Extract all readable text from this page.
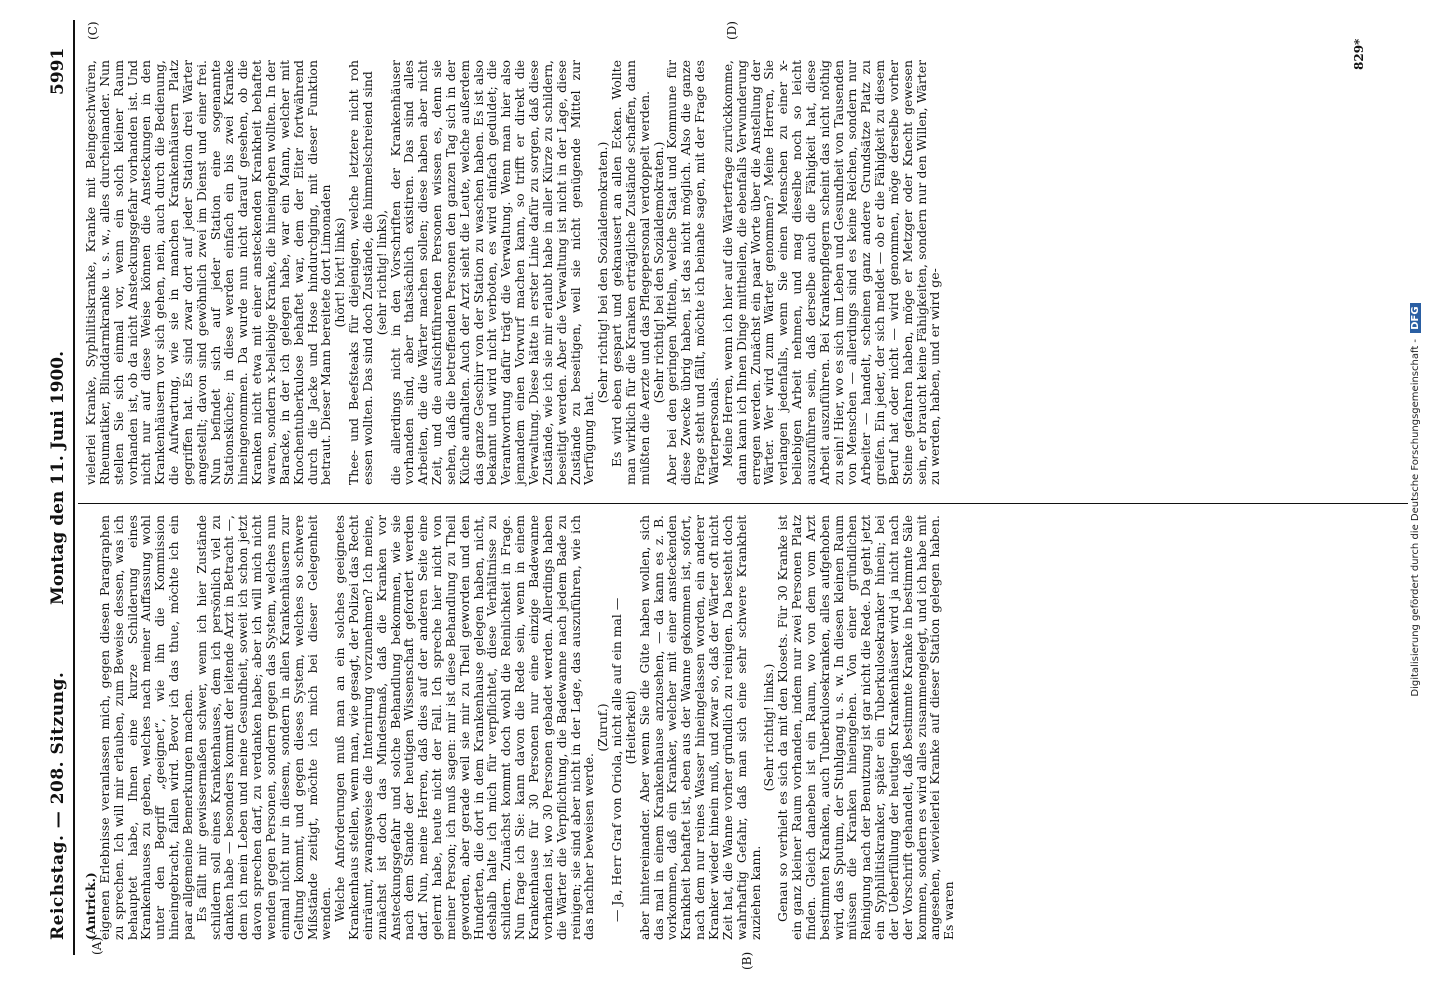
Reichstag. — 208. Sitzung.
Montag den 11. Juni 1900.
5991
(A)
(B)
(C)	(D)

(Antrick.)

eigenen Erlebnisse veranlassen mich, gegen diesen Paragraphen zu sprechen. Ich will mir erlauben, zum Beweise dessen, was ich behauptet habe, Ihnen eine kurze Schilderung eines Krankenhauses zu geben, welches nach meiner Auffassung wohl unter den Begriff „geeignet“, wie ihn die Kommission hineingebracht, fallen wird. Bevor ich das thue, möchte ich ein paar allgemeine Bemerkungen machen.

Es fällt mir gewissermaßen schwer, wenn ich hier Zustände schildern soll eines Krankenhauses, dem ich persönlich viel zu danken habe — besonders kommt der leitende Arzt in Betracht —, dem ich mein Leben und meine Gesundheit, soweit ich schon jetzt davon sprechen darf, zu verdanken habe; aber ich will mich nicht wenden gegen Personen, sondern gegen das System, welches nun einmal nicht nur in diesem, sondern in allen Krankenhäusern zur Geltung kommt, und gegen dieses System, welches so schwere Mißstände zeitigt, möchte ich mich bei dieser Gelegenheit wenden.

Welche Anforderungen muß man an ein solches geeignetes Krankenhaus stellen, wenn man, wie gesagt, der Polizei das Recht einräumt, zwangsweise die Internirung vorzunehmen? Ich meine, zunächst ist doch das Mindestmaß, daß die Kranken vor Ansteckungsgefahr und solche Behandlung bekommen, wie sie nach dem Stande der heutigen Wissenschaft gefordert werden darf. Nun, meine Herren, daß dies auf der anderen Seite eine gelernt habe, heute nicht der Fall. Ich spreche hier nicht von meiner Person; ich muß sagen: mir ist diese Behandlung zu Theil geworden, aber gerade weil sie mir zu Theil geworden und den Hunderten, die dort in dem Krankenhause gelegen haben, nicht, deshalb halte ich mich für verpflichtet, diese Verhältnisse zu schildern. Zunächst kommt doch wohl die Reinlichkeit in Frage. Nun frage ich Sie: kann davon die Rede sein, wenn in einem Krankenhause für 30 Personen nur eine einzige Badewanne vorhanden ist, wo 30 Personen gebadet werden. Allerdings haben die Wärter die Verpflichtung, die Badewanne nach jedem Bade zu reinigen; sie sind aber nicht in der Lage, das auszuführen, wie ich das nachher beweisen werde.

(Zuruf.)

— Ja, Herr Graf von Oriola, nicht alle auf ein mal —

(Heiterkeit)

aber hintereinander. Aber wenn Sie die Güte haben wollen, sich das mal in einem Krankenhause anzusehen, — da kann es z. B. vorkommen, daß ein Kranker, welcher mit einer ansteckenden Krankheit behaftet ist, eben aus der Wanne gekommen ist, sofort, nach dem nur reines Wasser hineingelassen worden, ein anderer Kranker wieder hinein muß, und zwar so, daß der Wärter oft nicht Zeit hat, die Wanne vorher gründlich zu reinigen. Da besteht doch wahrhaftig Gefahr, daß man sich eine sehr schwere Krankheit zuziehen kann.

(Sehr richtig! links.)

Genau so verhielt es sich da mit den Klosets. Für 30 Kranke ist ein ganz kleiner Raum vorhanden, indem nur zwei Personen Platz finden. Gleich daneben ist ein Raum, wo von dem vom Arzt bestimmten Kranken, auch Tuberkulosekranken, alles aufgehoben wird, das Sputum, der Stuhlgang u. s. w. In diesen kleinen Raum müssen die Kranken hineingehen. Von einer gründlichen Reinigung nach der Benutzung ist gar nicht die Rede. Da geht jetzt ein Syphilitiskranker, später ein Tuberkulosekranker hinein; bei der Ueberfüllung der heutigen Krankenhäuser wird ja nicht nach der Vorschrift gehandelt, daß bestimmte Kranke in bestimmte Säle kommen, sondern es wird alles zusammengelegt, und ich habe mit angesehen, wievielerlei Kranke auf dieser Station gelegen haben. Es waren

vielerlei Kranke, Syphilitiskranke, Kranke mit Beingeschwüren, Rheumatiker, Blinddarmkranke u. s. w., alles durcheinander. Nun stellen Sie sich einmal vor, wenn ein solch kleiner Raum vorhanden ist, ob da nicht Ansteckungsgefahr vorhanden ist. Und nicht nur auf diese Weise können die Ansteckungen in den Krankenhäusern vor sich gehen, nein, auch durch die Bedienung, die Aufwartung, wie sie in manchen Krankenhäusern Platz gegriffen hat. Es sind zwar dort auf jeder Station drei Wärter angestellt; davon sind gewöhnlich zwei im Dienst und einer frei. Nun befindet sich auf jeder Station eine sogenannte Stationsküche; in diese werden einfach ein bis zwei Kranke hineingenommen. Da wurde nun nicht darauf gesehen, ob die Kranken nicht etwa mit einer ansteckenden Krankheit behaftet waren, sondern x-beliebige Kranke, die hineingehen wollten. In der Baracke, in der ich gelegen habe, war ein Mann, welcher mit Knochentuberkulose behaftet war, dem der Eiter fortwährend durch die Jacke und Hose hindurchging, mit dieser Funktion betraut. Dieser Mann bereitete dort Limonaden

(hört! hört! links)

Thee- und Beefsteaks für diejenigen, welche letztere nicht roh essen wollten. Das sind doch Zustände, die himmelschreiend sind

(sehr richtig! links),

die allerdings nicht in den Vorschriften der Krankenhäuser vorhanden sind, aber thatsächlich existiren. Das sind alles Arbeiten, die die Wärter machen sollen; diese haben aber nicht Zeit, und die aufsichtführenden Personen wissen es, denn sie sehen, daß die betreffenden Personen den ganzen Tag sich in der Küche aufhalten. Auch der Arzt sieht die Leute, welche außerdem das ganze Geschirr von der Station zu waschen haben. Es ist also bekannt und wird nicht verboten, es wird einfach geduldet; die Verantwortung dafür trägt die Verwaltung. Wenn man hier also jemandem einen Vorwurf machen kann, so trifft er direkt die Verwaltung. Diese hätte in erster Linie dafür zu sorgen, daß diese Zustände, wie ich sie mir erlaubt habe in aller Kürze zu schildern, beseitigt werden. Aber die Verwaltung ist nicht in der Lage, diese Zustände zu beseitigen, weil sie nicht genügende Mittel zur Verfügung hat.

(Sehr richtig! bei den Sozialdemokraten.)

Es wird eben gespart und geknausert an allen Ecken. Wollte man wirklich für die Kranken erträgliche Zustände schaffen, dann müßten die Aerzte und das Pflegepersonal verdoppelt werden.

(Sehr richtig! bei den Sozialdemokraten.)

Aber bei den geringen Mitteln, welche Staat und Kommune für diese Zwecke übrig haben, ist das nicht möglich. Also die ganze Frage steht und fällt, möchte ich beinahe sagen, mit der Frage des Wärterpersonals.

Meine Herren, wenn ich hier auf die Wärterfrage zurückkomme, dann kann ich Ihnen Dinge mittheilen, die ebenfalls Verwunderung erregen werden. Zunächst ein paar Worte über die Anstellung der Wärter. Wer wird zum Wärter genommen? Meine Herren, Sie verlangen jedenfalls, wenn Sie einen Menschen zu einer x-beliebigen Arbeit nehmen, und mag dieselbe noch so leicht auszuführen sein, daß derselbe auch die Fähigkeit hat, diese Arbeit auszuführen. Bei Krankenpflegern scheint das nicht nöthig zu sein! Hier, wo es sich um Leben und Gesundheit von Tausenden von Menschen — allerdings sind es keine Reichen, sondern nur Arbeiter — handelt, scheinen ganz andere Grundsätze Platz zu greifen. Ein jeder, der sich meldet — ob er die Fähigkeit zu diesem Beruf hat oder nicht — wird genommen, möge derselbe vorher Steine gefahren haben, möge er Metzger oder Knecht gewesen sein, er braucht keine Fähigkeiten, sondern nur den Willen, Wärter zu werden, haben, und er wird ge-

829*
Digitalisierung gefördert durch die Deutsche Forschungsgemeinschaft - DFG
